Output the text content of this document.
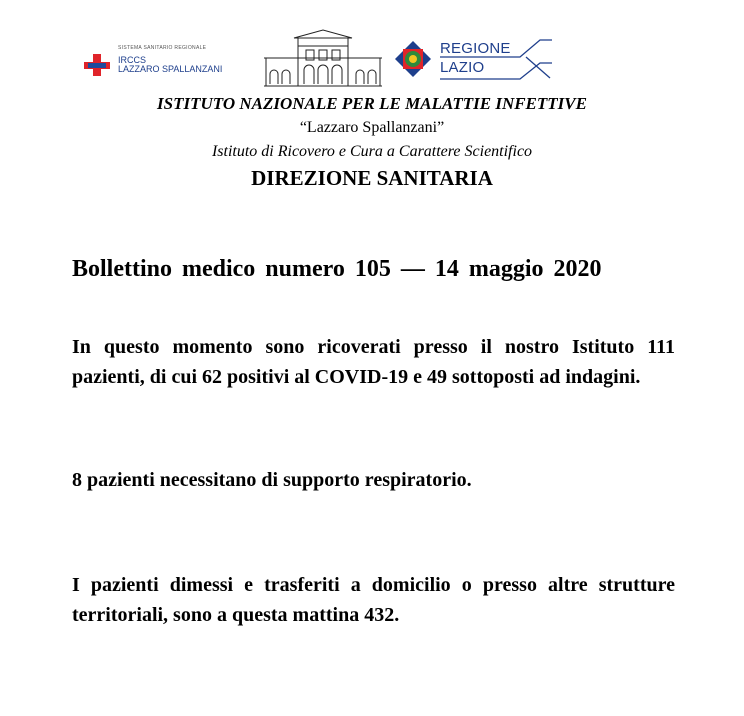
SISTEMA SANITARIO REGIONALE
IRCCS
LAZZARO SPALLANZANI
REGIONE
LAZIO
ISTITUTO NAZIONALE PER LE MALATTIE INFETTIVE
“Lazzaro Spallanzani”
Istituto di Ricovero e Cura a Carattere Scientifico
DIREZIONE SANITARIA
Bollettino medico numero 105 — 14 maggio 2020
In questo momento sono ricoverati presso il nostro Istituto 111 pazienti, di cui 62 positivi al COVID-19 e 49 sottoposti ad indagini.
8 pazienti necessitano di supporto respiratorio.
I pazienti dimessi e trasferiti a domicilio o presso altre strutture territoriali, sono a questa mattina 432.
